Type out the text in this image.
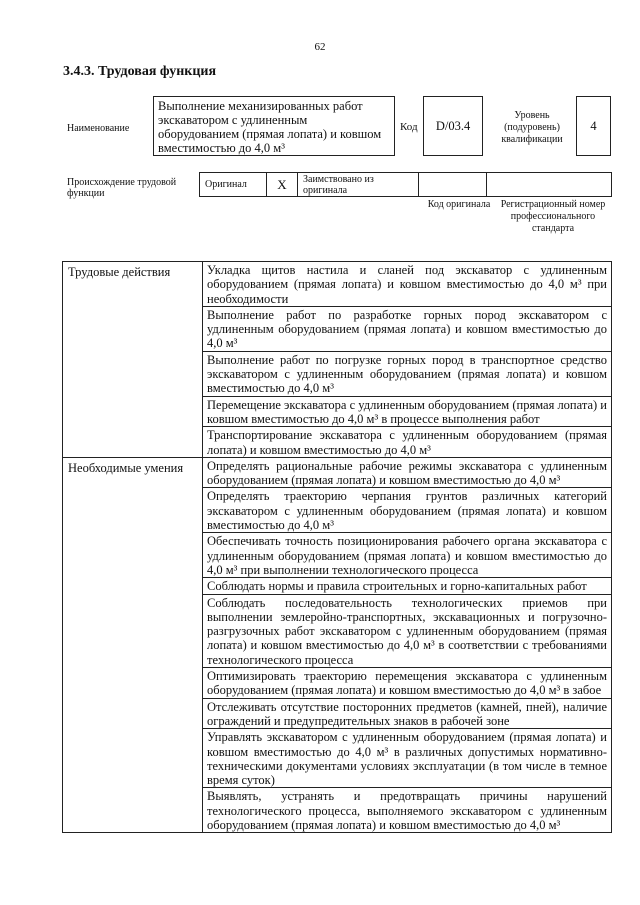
62
3.4.3. Трудовая функция
Наименование
Выполнение механизированных работ экскаватором с удлиненным оборудованием (прямая лопата) и ковшом вместимостью до 4,0 м³
Код	D/03.4
Уровень (подуровень) квалификации
4
Происхождение трудовой функции
Оригинал	X	Заимствовано из оригинала		
Код оригинала	Регистрационный номер профессионального стандарта
Трудовые действия	Укладка щитов настила и сланей под экскаватор с удлиненным оборудованием (прямая лопата) и ковшом вместимостью до 4,0 м³ при необходимости
	Выполнение работ по разработке горных пород экскаватором с удлиненным оборудованием (прямая лопата) и ковшом вместимостью до 4,0 м³
	Выполнение работ по погрузке горных пород в транспортное средство экскаватором с удлиненным оборудованием (прямая лопата) и ковшом вместимостью до 4,0 м³
	Перемещение экскаватора с удлиненным оборудованием (прямая лопата) и ковшом вместимостью до 4,0 м³ в процессе выполнения работ
	Транспортирование экскаватора с удлиненным оборудованием (прямая лопата) и ковшом вместимостью до 4,0 м³
Необходимые умения	Определять рациональные рабочие режимы экскаватора с удлиненным оборудованием (прямая лопата) и ковшом вместимостью до 4,0 м³
	Определять траекторию черпания грунтов различных категорий экскаватором с удлиненным оборудованием (прямая лопата) и ковшом вместимостью до 4,0 м³
	Обеспечивать точность позиционирования рабочего органа экскаватора с удлиненным оборудованием (прямая лопата) и ковшом вместимостью до 4,0 м³ при выполнении технологического процесса
	Соблюдать нормы и правила строительных и горно-капитальных работ
	Соблюдать последовательность технологических приемов при выполнении землеройно-транспортных, экскавационных и погрузочно-разгрузочных работ экскаватором с удлиненным оборудованием (прямая лопата) и ковшом вместимостью до 4,0 м³ в соответствии с требованиями технологического процесса
	Оптимизировать траекторию перемещения экскаватора с удлиненным оборудованием (прямая лопата) и ковшом вместимостью до 4,0 м³ в забое
	Отслеживать отсутствие посторонних предметов (камней, пней), наличие ограждений и предупредительных знаков в рабочей зоне
	Управлять экскаватором с удлиненным оборудованием (прямая лопата) и ковшом вместимостью до 4,0 м³ в различных допустимых нормативно-техническими документами условиях эксплуатации (в том числе в темное время суток)
	Выявлять, устранять и предотвращать причины нарушений технологического процесса, выполняемого экскаватором с удлиненным оборудованием (прямая лопата) и ковшом вместимостью до 4,0 м³
